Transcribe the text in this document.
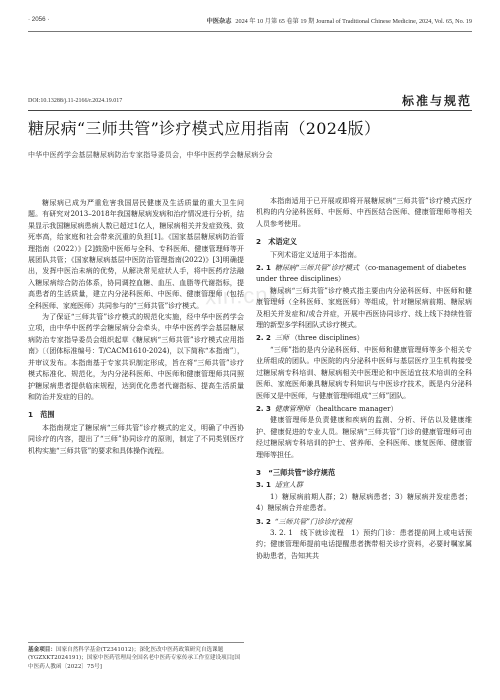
· 2056 ·	中医杂志 2024 年 10 月第 65 卷第 19 期 Journal of Traditional Chinese Medicine, 2024, Vol. 65, No. 19
DOI:10.13288/j.11-2166/r.2024.19.017	标准与规范
糖尿病“三师共管”诊疗模式应用指南（2024版）
中华中医药学会基层糖尿病防治专家指导委员会，中华中医药学会糖尿病分会
xin.cnki

糖尿病已成为严重危害我国居民健康及生活质量的重大卫生问题。有研究对2013–2018年我国糖尿病发病和治疗情况进行分析，结果显示我国糖尿病患病人数已超过1亿人，糖尿病相关并发症致残、致死率高，给家庭和社会带来沉重的负担[1]。《国家基层糖尿病防治管理指南（2022）》[2]鼓励中医师与全科、专科医师、健康管理师等开展团队共管；《国家糖尿病基层中医防治管理指南(2022)》[3]明确提出，发挥中医治未病的优势，从解决常见症状人手，将中医药疗法融入糖尿病综合防治体系，协同调控血糖、血压、血脂等代谢指标，提高患者的生活质量，建立内分泌科医师、中医师、健康管理师（包括全科医师、家庭医师）共同参与的“三师共管”诊疗模式。

为了保证“三师共管”诊疗模式的规范化实施，经中华中医药学会立项，由中华中医药学会糖尿病分会牵头，中华中医药学会基层糖尿病防治专家指导委员会组织起草《糖尿病“三师共管”诊疗模式应用指南》〔（团体标准编号：T/CACM1610-2024)，以下简称“本指南”〕，并审议发布。本指南基于专家共识制定形成，旨在将“三师共管”诊疗模式标准化、规范化，为内分泌科医师、中医师和健康管理师共同照护糖尿病患者提供临床规程，达到优化患者代谢指标、提高生活质量和防治并发症的目的。

1　范围

本指南规定了糖尿病“三师共管”诊疗模式的定义，明确了中西协同诊疗的内容，提出了“三师”协同诊疗的原则，制定了不同类别医疗机构实施“三师共管”的要求和具体操作流程。

本指南适用于已开展或即将开展糖尿病“三师共管”诊疗模式医疗机构的内分泌科医师、中医师、中西医结合医师、健康管理师等相关人员参考使用。

2　术语定义

下列术语定义适用于本指南。

2. 1 糖尿病“三师共管”诊疗模式 （co-management of diabetes under three disciplines）

糖尿病“三师共管”诊疗模式指主要由内分泌科医师、中医师和健康管理师（全科医师、家庭医师）等组成，针对糖尿病前期、糖尿病及相关并发症和/或合并症，开展中西医协同诊疗、线上线下持续性管理的新型多学科团队式诊疗模式。

2. 2 三师 （three disciplines）

“三师”指的是内分泌科医师、中医师和健康管理师等多个相关专业所组成的团队。中医院的内分泌科中医师与基层医疗卫生机构接受过糖尿病专科培训、糖尿病相关中医理论和中医适宜技术培训的全科医师、家庭医师兼具糖尿病专科知识与中医诊疗技术，既是内分泌科医师又是中医师，与健康管理师组成“三师”团队。

2. 3 健康管理师 （healthcare manager）

健康管理师是负责健康和疾病的监测、分析、评估以及健康维护、健康促进的专业人员。糖尿病“三师共管”门诊的健康管理师可由经过糖尿病专科培训的护士、营养师、全科医师、康复医师、健康管理师等担任。

3　“三师共管”诊疗规范
3. 1 适宜人群

1）糖尿病前期人群；2）糖尿病患者；3）糖尿病并发症患者；4）糖尿病合并症患者。

3. 2 “三师共管”门诊诊疗流程

3. 2. 1　线下就诊流程　1）预约门诊：患者提前网上或电话预约；健康管理师提前电话提醒患者携带相关诊疗资料，必要时嘱家属协助患者，告知其共

基金项目：国家自然科学基金(T2341012)；深化医改中医药政策研究自选课题(YGZXKT2024191)；国家中医药管理局全国名老中医药专家传承工作室建设项目[国中医药人教函〔2022〕75号]
